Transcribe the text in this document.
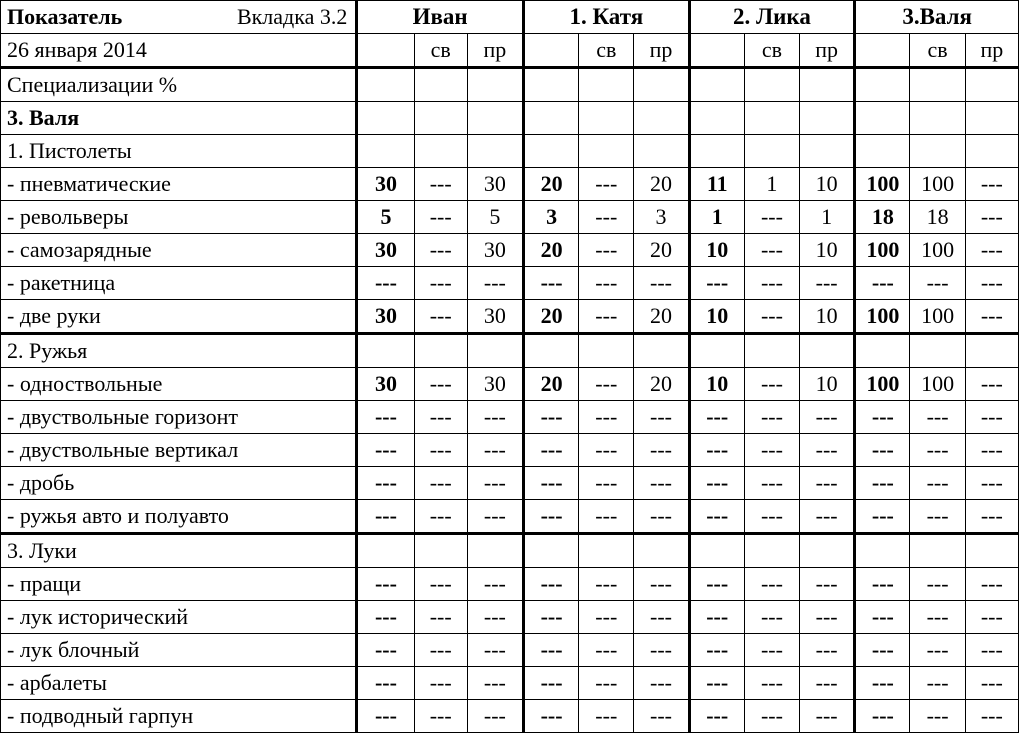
Показатель Вкладка 3.2	Иван			1. Катя			2. Лика			3.Валя		
26 января 2014		св	пр		св	пр		св	пр		св	пр
Специализации %												
3. Валя												
1. Пистолеты												
- пневматические	30	---	30	20	---	20	11	1	10	100	100	---
- револьверы	5	---	5	3	---	3	1	---	1	18	18	---
- самозарядные	30	---	30	20	---	20	10	---	10	100	100	---
- ракетница	---	---	---	---	---	---	---	---	---	---	---	---
- две руки	30	---	30	20	---	20	10	---	10	100	100	---
2. Ружья												
- одноствольные	30	---	30	20	---	20	10	---	10	100	100	---
- двуствольные горизонт	---	---	---	---	---	---	---	---	---	---	---	---
- двуствольные вертикал	---	---	---	---	---	---	---	---	---	---	---	---
- дробь	---	---	---	---	---	---	---	---	---	---	---	---
- ружья авто и полуавто	---	---	---	---	---	---	---	---	---	---	---	---
3. Луки												
- пращи	---	---	---	---	---	---	---	---	---	---	---	---
- лук исторический	---	---	---	---	---	---	---	---	---	---	---	---
- лук блочный	---	---	---	---	---	---	---	---	---	---	---	---
- арбалеты	---	---	---	---	---	---	---	---	---	---	---	---
- подводный гарпун	---	---	---	---	---	---	---	---	---	---	---	---
